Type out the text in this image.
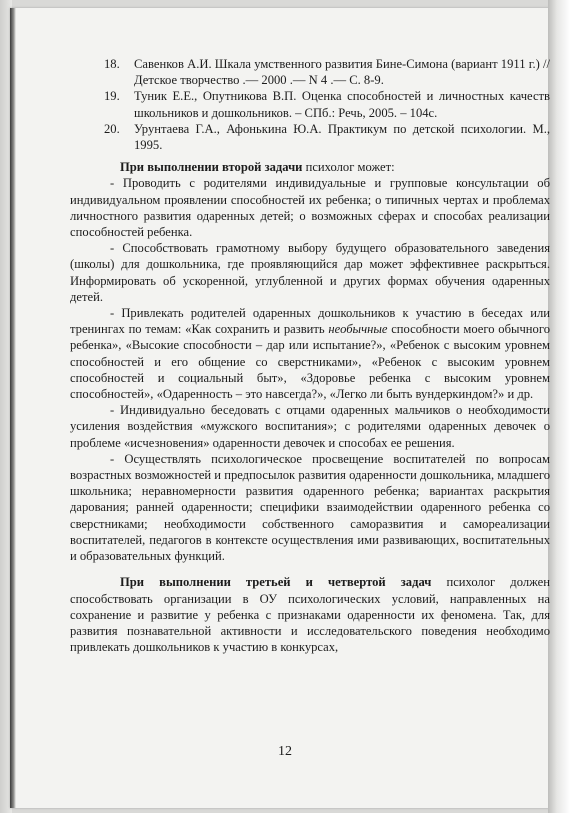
18.	Савенков А.И. Шкала умственного развития Бине-Симона (вариант 1911 г.) // Детское творчество .— 2000 .— N 4 .— С. 8-9.
19.	Туник Е.Е., Опутникова В.П. Оценка способностей и личностных качеств школьников и дошкольников. – СПб.: Речь, 2005. – 104с.
20.	Урунтаева Г.А., Афонькина Ю.А. Практикум по детской психологии. М., 1995.

При выполнении второй задачи психолог может:

- Проводить с родителями индивидуальные и групповые консультации об индивидуальном проявлении способностей их ребенка; о типичных чертах и проблемах личностного развития одаренных детей; о возможных сферах и способах реализации способностей ребенка.

- Способствовать грамотному выбору будущего образовательного заведения (школы) для дошкольника, где проявляющийся дар может эффективнее раскрыться. Информировать об ускоренной, углубленной и других формах обучения одаренных детей.

- Привлекать родителей одаренных дошкольников к участию в беседах или тренингах по темам: «Как сохранить и развить необычные способности моего обычного ребенка», «Высокие способности – дар или испытание?», «Ребенок с высоким уровнем способностей и его общение со сверстниками», «Ребенок с высоким уровнем способностей и социальный быт», «Здоровье ребенка с высоким уровнем способностей», «Одаренность – это навсегда?», «Легко ли быть вундеркиндом?» и др.

- Индивидуально беседовать с отцами одаренных мальчиков о необходимости усиления воздействия «мужского воспитания»; с родителями одаренных девочек о проблеме «исчезновения» одаренности девочек и способах ее решения.

- Осуществлять психологическое просвещение воспитателей по вопросам возрастных возможностей и предпосылок развития одаренности дошкольника, младшего школьника; неравномерности развития одаренного ребенка; вариантах раскрытия дарования; ранней одаренности; специфики взаимодействии одаренного ребенка со сверстниками; необходимости собственного саморазвития и самореализации воспитателей, педагогов в контексте осуществления ими развивающих, воспитательных и образовательных функций.

При выполнении третьей и четвертой задач психолог должен способствовать организации в ОУ психологических условий, направленных на сохранение и развитие у ребенка с признаками одаренности их феномена. Так, для развития познавательной активности и исследовательского поведения необходимо привлекать дошкольников к участию в конкурсах,

12
